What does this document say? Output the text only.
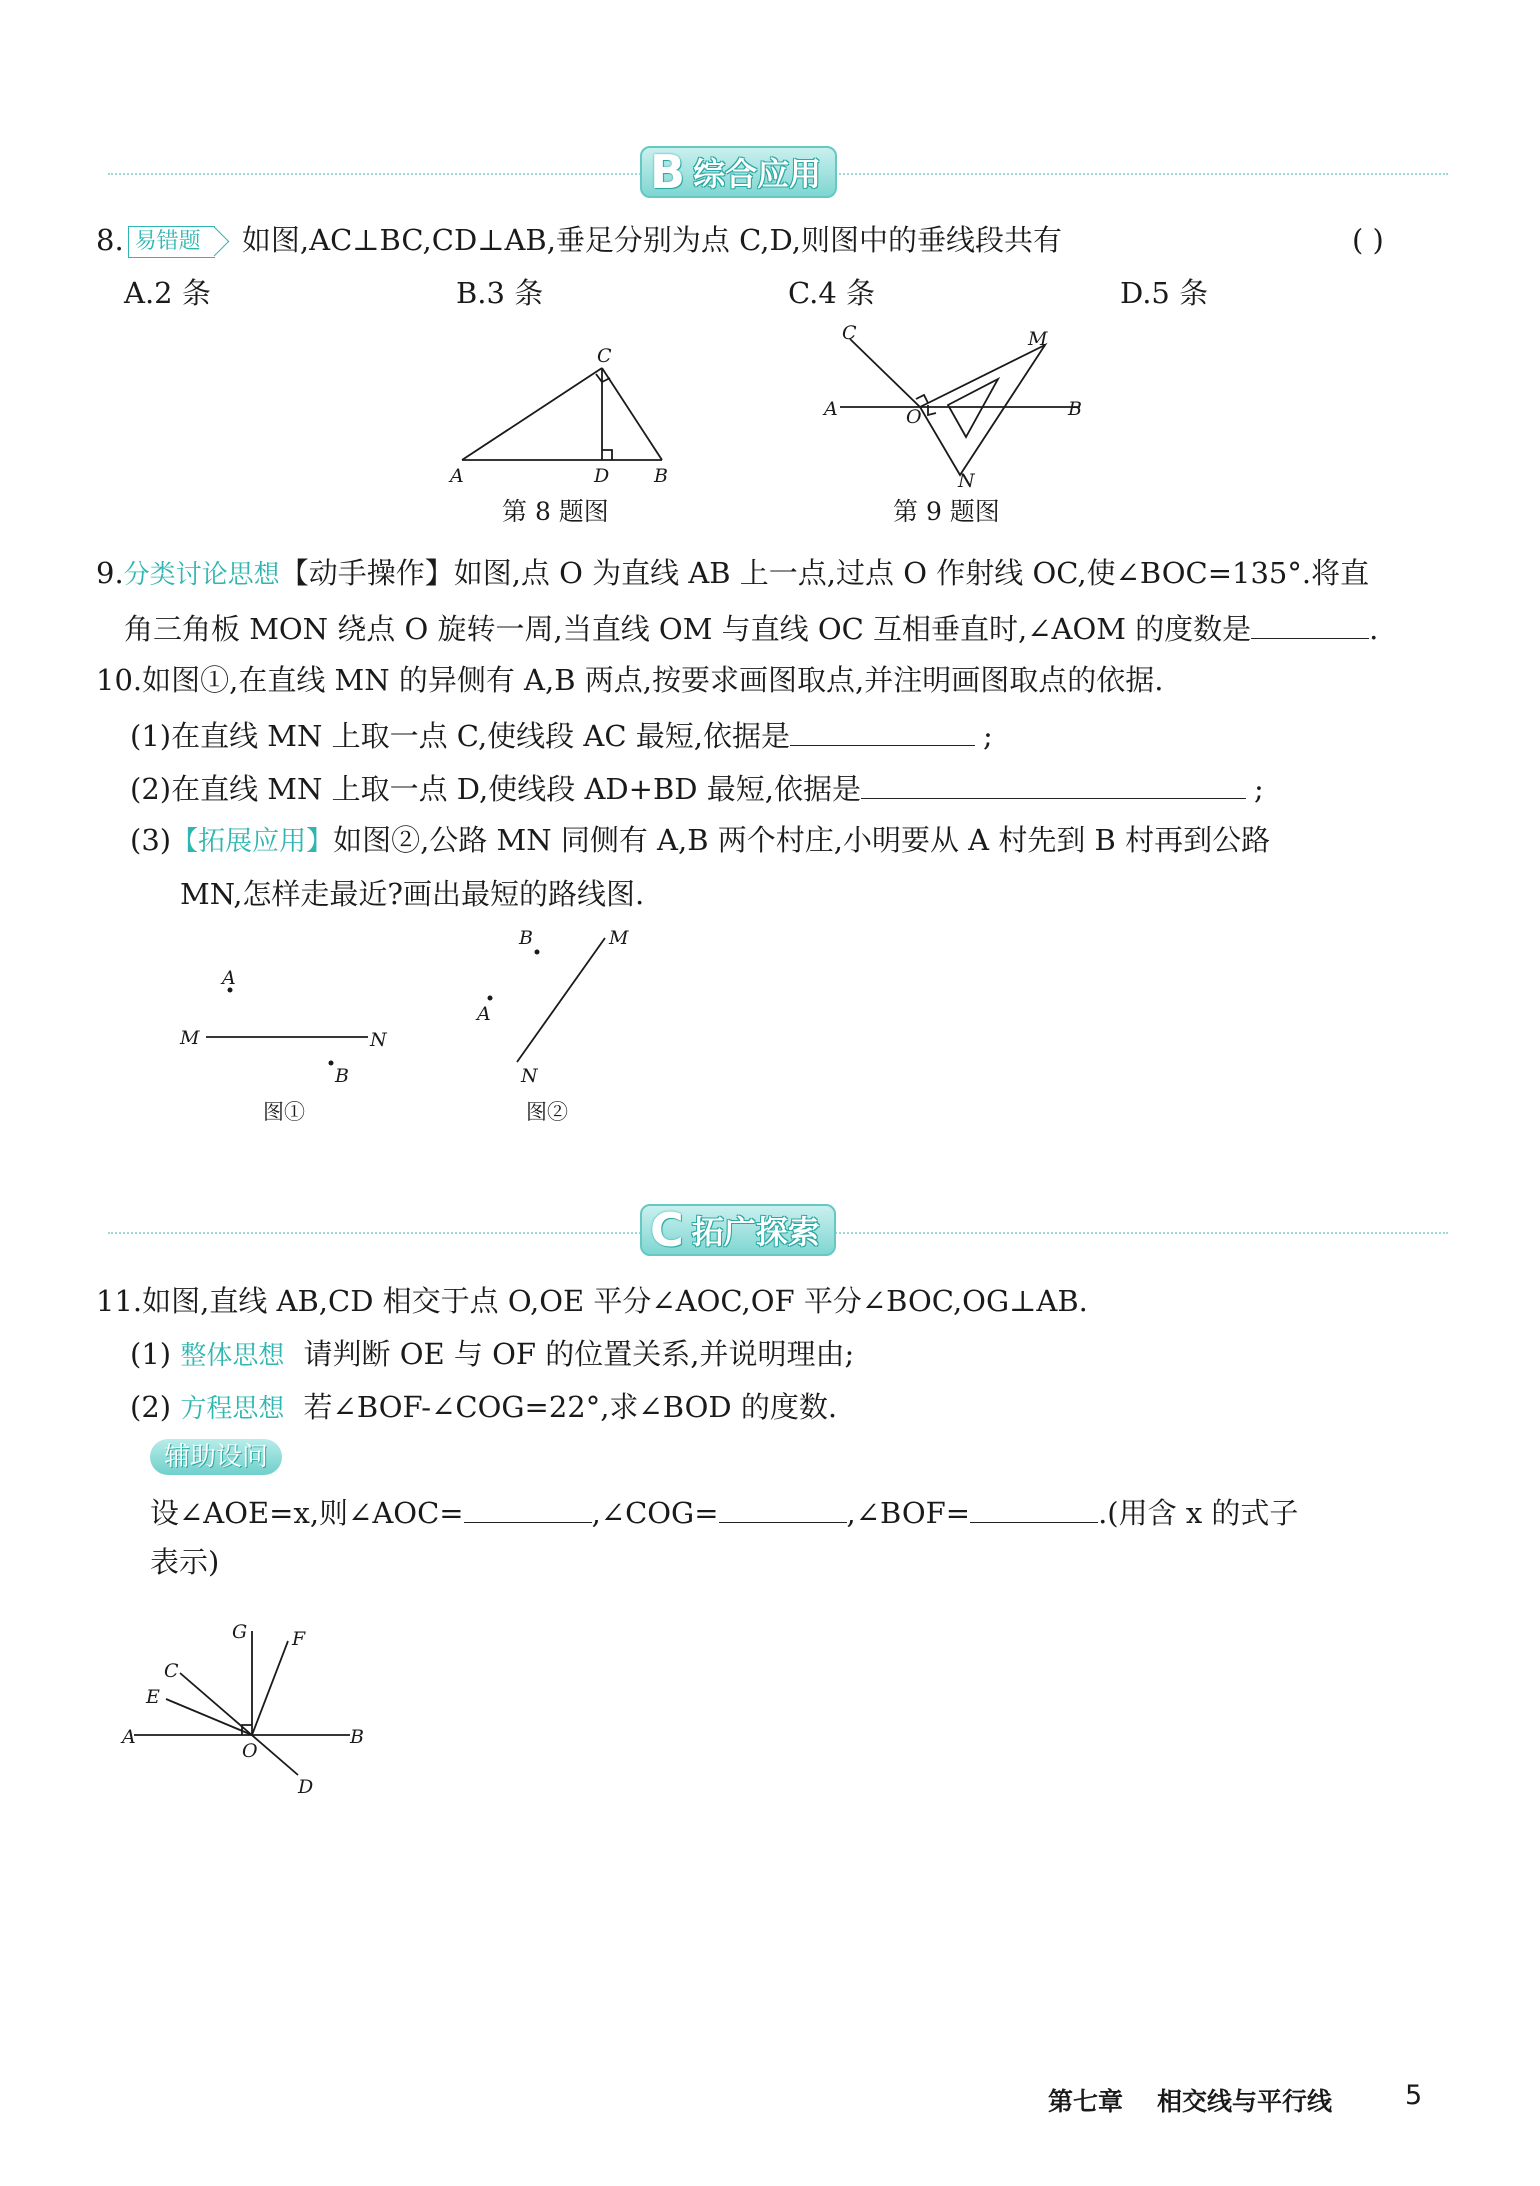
B 综合应用
8. 易错题 如图,AC⊥BC,CD⊥AB,垂足分别为点 C,D,则图中的垂线段共有	( )
A.2 条	B.3 条	C.4 条	D.5 条
A	D B
C
第 8 题图
A	B
C	M
N
O
第 9 题图
9.分类讨论思想【动手操作】如图,点 O 为直线 AB 上一点,过点 O 作射线 OC,使∠BOC=135°.将直
角三角板 MON 绕点 O 旋转一周,当直线 OM 与直线 OC 互相垂直时,∠AOM 的度数是	.
10.如图①,在直线 MN 的异侧有 A,B 两点,按要求画图取点,并注明画图取点的依据.
(1)在直线 MN 上取一点 C,使线段 AC 最短,依据是	;
(2)在直线 MN 上取一点 D,使线段 AD+BD 最短,依据是	;
(3)【拓展应用】如图②,公路 MN 同侧有 A,B 两个村庄,小明要从 A 村先到 B 村再到公路
MN,怎样走最近?画出最短的路线图.
A
M	N
B
图①
B	M
A
N
图②
C 拓广探索
11.如图,直线 AB,CD 相交于点 O,OE 平分∠AOC,OF 平分∠BOC,OG⊥AB.
(1) 整体思想 请判断 OE 与 OF 的位置关系,并说明理由;
(2) 方程思想 若∠BOF-∠COG=22°,求∠BOD 的度数.
辅助设问
设∠AOE=x,则∠AOC=	,∠COG=	,∠BOF=	.(用含 x 的式子
表示)
G F
C
E
A
O
B
D
第七章 相交线与平行线	5
